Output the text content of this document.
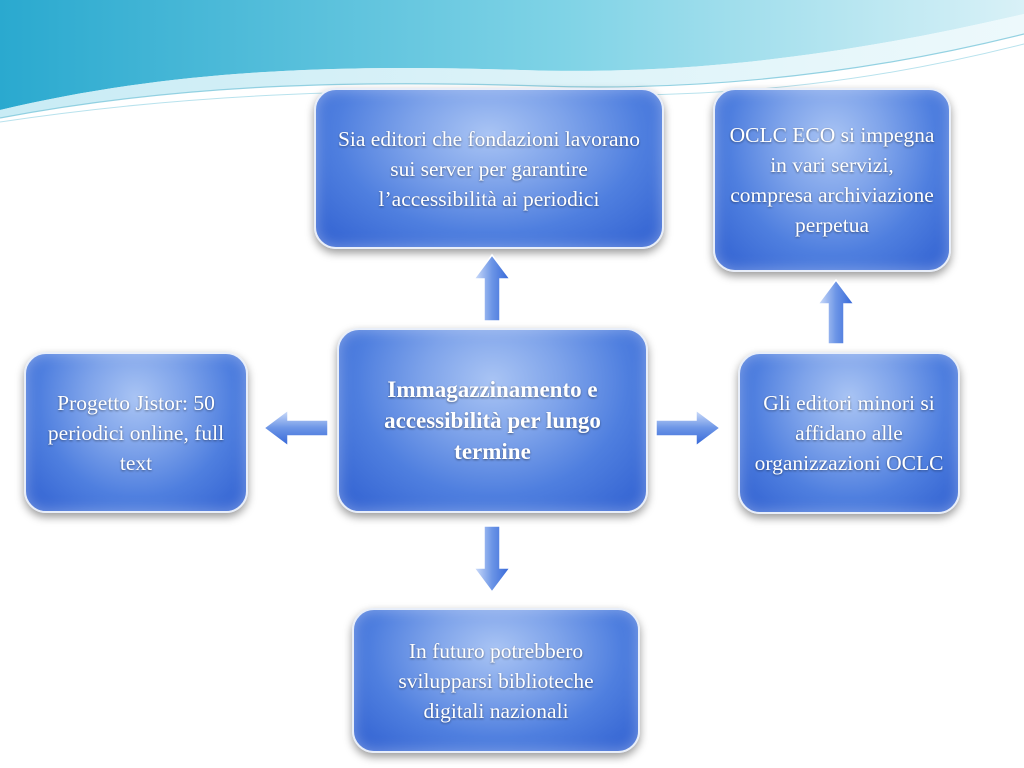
Sia editori che fondazioni lavorano sui server per garantire l’accessibilità ai periodici
OCLC ECO si impegna in vari servizi, compresa archiviazione perpetua
Immagazzinamento e accessibilità per lungo termine
Progetto Jistor: 50 periodici online, full text
Gli editori minori si affidano alle organizzazioni OCLC
In futuro potrebbero svilupparsi biblioteche digitali nazionali
